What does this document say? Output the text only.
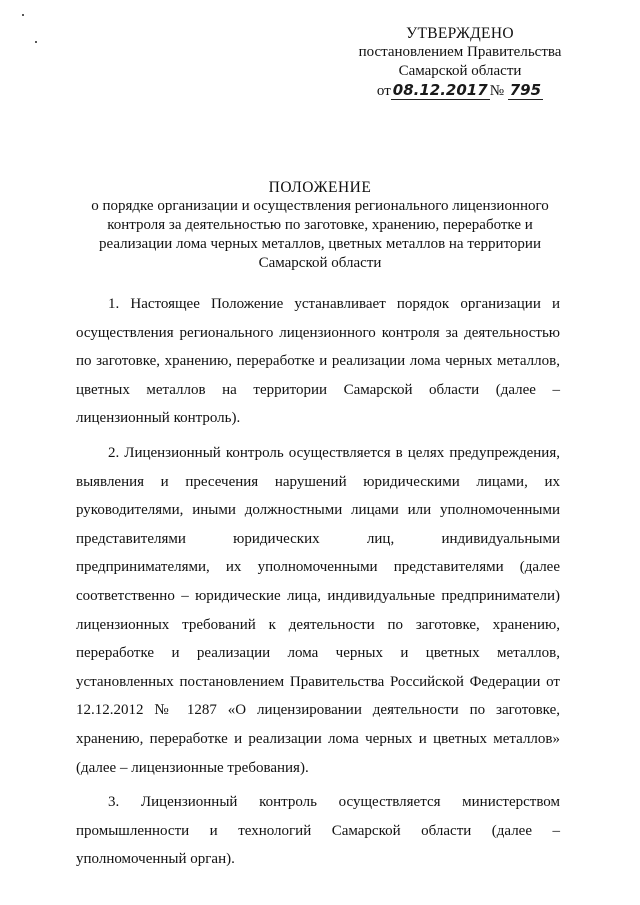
УТВЕРЖДЕНО
постановлением Правительства
Самарской области
от 08.12.2017 № 795
ПОЛОЖЕНИЕ
о порядке организации и осуществления регионального лицензионного контроля за деятельностью по заготовке, хранению, переработке и реализации лома черных металлов, цветных металлов на территории Самарской области

1. Настоящее Положение устанавливает порядок организации и осуществления регионального лицензионного контроля за деятельностью по заготовке, хранению, переработке и реализации лома черных металлов, цветных металлов на территории Самарской области (далее – лицензионный контроль).

2. Лицензионный контроль осуществляется в целях предупреждения, выявления и пресечения нарушений юридическими лицами, их руководителями, иными должностными лицами или уполномоченными представителями юридических лиц, индивидуальными предпринимателями, их уполномоченными представителями (далее соответственно – юридические лица, индивидуальные предприниматели) лицензионных требований к деятельности по заготовке, хранению, переработке и реализации лома черных и цветных металлов, установленных постановлением Правительства Российской Федерации от 12.12.2012 № 1287 «О лицензировании деятельности по заготовке, хранению, переработке и реализации лома черных и цветных металлов» (далее – лицензионные требования).

3. Лицензионный контроль осуществляется министерством промышленности и технологий Самарской области (далее – уполномоченный орган).
